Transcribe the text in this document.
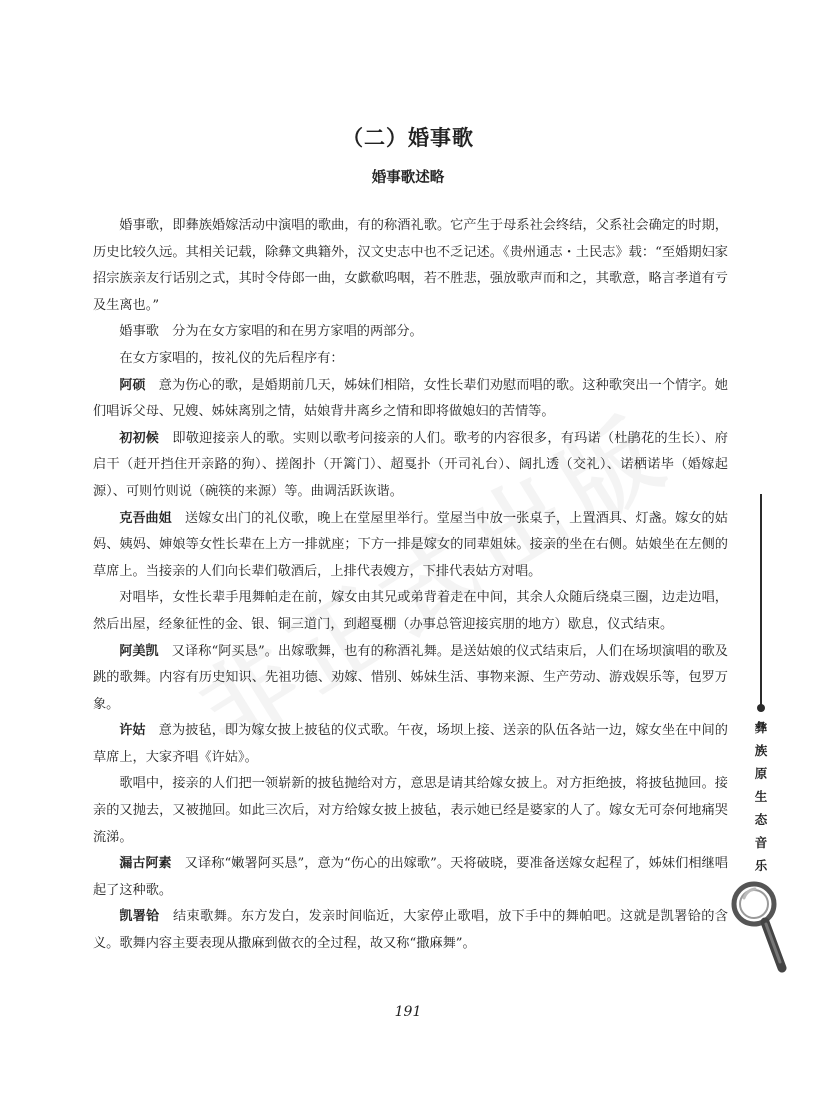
（二）婚事歌
婚事歌述略

婚事歌，即彝族婚嫁活动中演唱的歌曲，有的称酒礼歌。它产生于母系社会终结，父系社会确定的时期，历史比较久远。其相关记载，除彝文典籍外，汉文史志中也不乏记述。《贵州通志・土民志》载：“至婚期妇家招宗族亲友行话别之式，其时令侍郎一曲，女歔欷呜咽，若不胜悲，强放歌声而和之，其歌意，略言孝道有亏及生离也。”

婚事歌　分为在女方家唱的和在男方家唱的两部分。

在女方家唱的，按礼仪的先后程序有：

阿硕　意为伤心的歌，是婚期前几天，姊妹们相陪，女性长辈们劝慰而唱的歌。这种歌突出一个情字。她们唱诉父母、兄嫂、姊妹离别之情，姑娘背井离乡之情和即将做媳妇的苦情等。

初初候　即敬迎接亲人的歌。实则以歌考问接亲的人们。歌考的内容很多，有玛诺（杜鹃花的生长）、府启干（赶开挡住开亲路的狗）、搓阁扑（开篱门）、超戛扑（开司礼台）、阔扎透（交礼）、诺栖诺毕（婚嫁起源）、可则竹则说（碗筷的来源）等。曲调活跃诙谐。

克吾曲姐　送嫁女出门的礼仪歌，晚上在堂屋里举行。堂屋当中放一张桌子，上置酒具、灯盏。嫁女的姑妈、姨妈、婶娘等女性长辈在上方一排就座；下方一排是嫁女的同辈姐妹。接亲的坐在右侧。姑娘坐在左侧的草席上。当接亲的人们向长辈们敬酒后，上排代表嫂方，下排代表姑方对唱。

对唱毕，女性长辈手甩舞帕走在前，嫁女由其兄或弟背着走在中间，其余人众随后绕桌三圈，边走边唱，然后出屋，经象征性的金、银、铜三道门，到超戛棚（办事总管迎接宾朋的地方）歇息，仪式结束。

阿美凯　又译称“阿买恳”。出嫁歌舞，也有的称酒礼舞。是送姑娘的仪式结束后，人们在场坝演唱的歌及跳的歌舞。内容有历史知识、先祖功德、劝嫁、惜别、姊妹生活、事物来源、生产劳动、游戏娱乐等，包罗万象。

许姑　意为披毡，即为嫁女披上披毡的仪式歌。午夜，场坝上接、送亲的队伍各站一边，嫁女坐在中间的草席上，大家齐唱《许姑》。

歌唱中，接亲的人们把一领崭新的披毡抛给对方，意思是请其给嫁女披上。对方拒绝披，将披毡抛回。接亲的又抛去，又被抛回。如此三次后，对方给嫁女披上披毡，表示她已经是婆家的人了。嫁女无可奈何地痛哭流涕。

漏古阿素　又译称“嫩署阿买恳”，意为“伤心的出嫁歌”。天将破晓，要准备送嫁女起程了，姊妹们相继唱起了这种歌。

凯署铪　结束歌舞。东方发白，发亲时间临近，大家停止歌唱，放下手中的舞帕吧。这就是凯署铪的含义。歌舞内容主要表现从撒麻到做衣的全过程，故又称“撒麻舞”。

彝
族
原
生
态
音
乐
191
